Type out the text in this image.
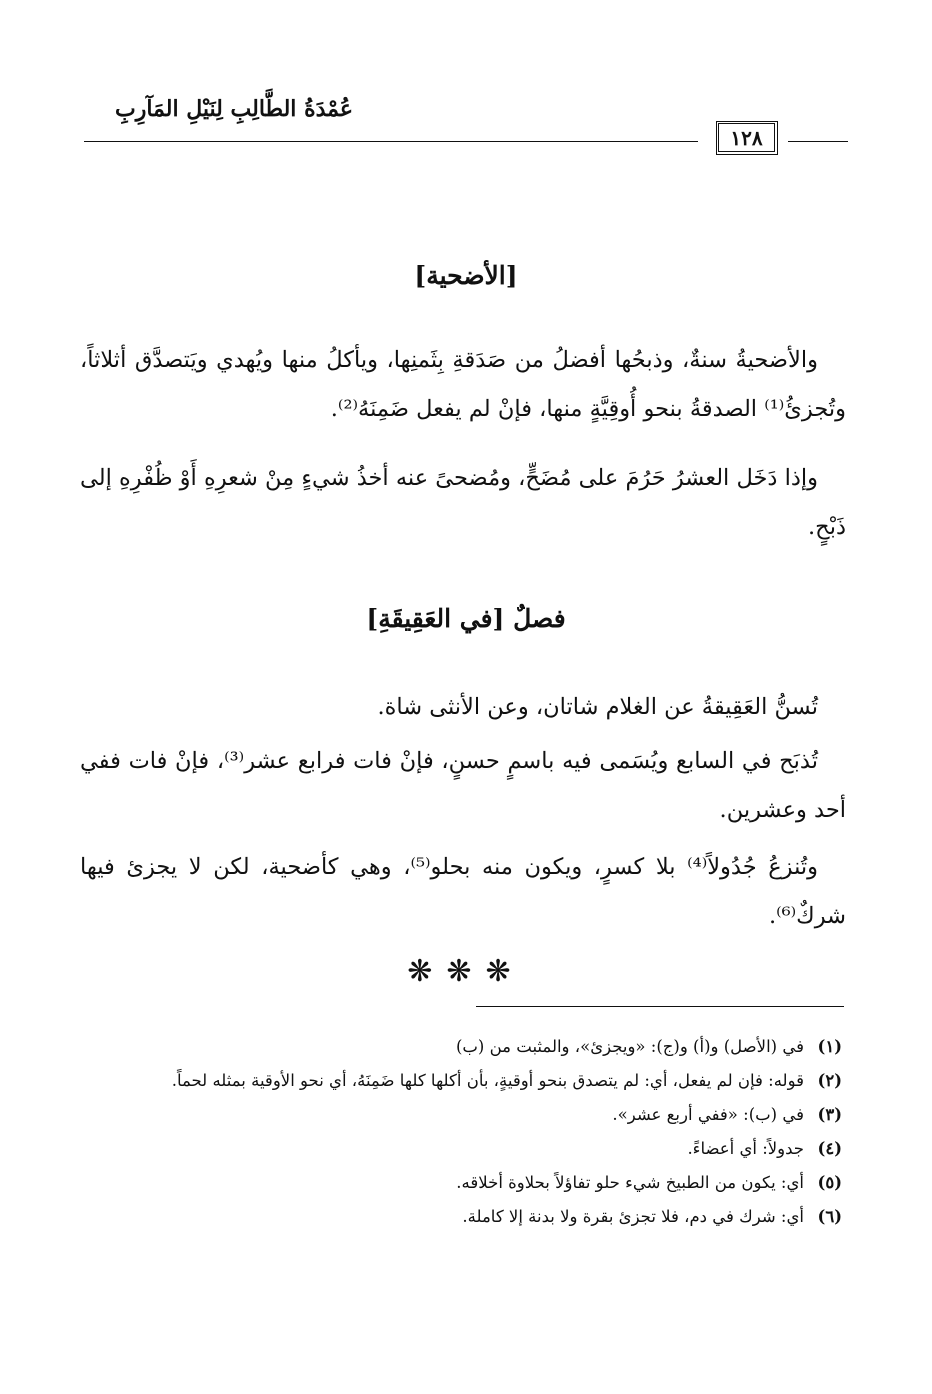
عُمْدَةُ الطَّالِبِ لِنَيْلِ المَآرِبِ
١٢٨
[الأضحية]
والأضحيةُ سنةٌ، وذبحُها أفضلُ من صَدَقةِ بِثَمنِها، ويأكلُ منها ويُهدي ويَتصدَّق أثلاثاً، وتُجزئُ⁽¹⁾ الصدقةُ بنحو أُوقِيَّةٍ منها، فإنْ لم يفعل ضَمِنَهُ⁽²⁾.
وإذا دَخَل العشرُ حَرُمَ على مُضَحٍّ، ومُضحىً عنه أخذُ شيءٍ مِنْ شعرِهِ أَوْ ظُفْرِهِ إلى ذَبْحٍ.
فصلٌ [في العَقِيقَةِ]
تُسنُّ العَقِيقةُ عن الغلام شاتان، وعن الأنثى شاة.
تُذبَح في السابع ويُسَمى فيه باسمٍ حسنٍ، فإنْ فات فرابع عشر⁽³⁾، فإنْ فات ففي أحد وعشرين.
وتُنزعُ جُدُولاً⁽⁴⁾ بلا كسرٍ، ويكون منه بحلو⁽⁵⁾، وهي كأضحية، لكن لا يجزئ فيها شركٌ⁽⁶⁾.
❋❋❋
(١)
في (الأصل) و(أ) و(ج): «ويجزئ»، والمثبت من (ب)
(٢)
قوله: فإن لم يفعل، أي: لم يتصدق بنحو أوقيةٍ، بأن أكلها كلها ضَمِنَهُ، أي نحو الأوقية بمثله لحماً.
(٣)
في (ب): «ففي أربع عشر».
(٤)
جدولاً: أي أعضاءً.
(٥)
أي: يكون من الطبيخ شيء حلو تفاؤلاً بحلاوة أخلاقه.
(٦)
أي: شرك في دم، فلا تجزئ بقرة ولا بدنة إلا كاملة.
